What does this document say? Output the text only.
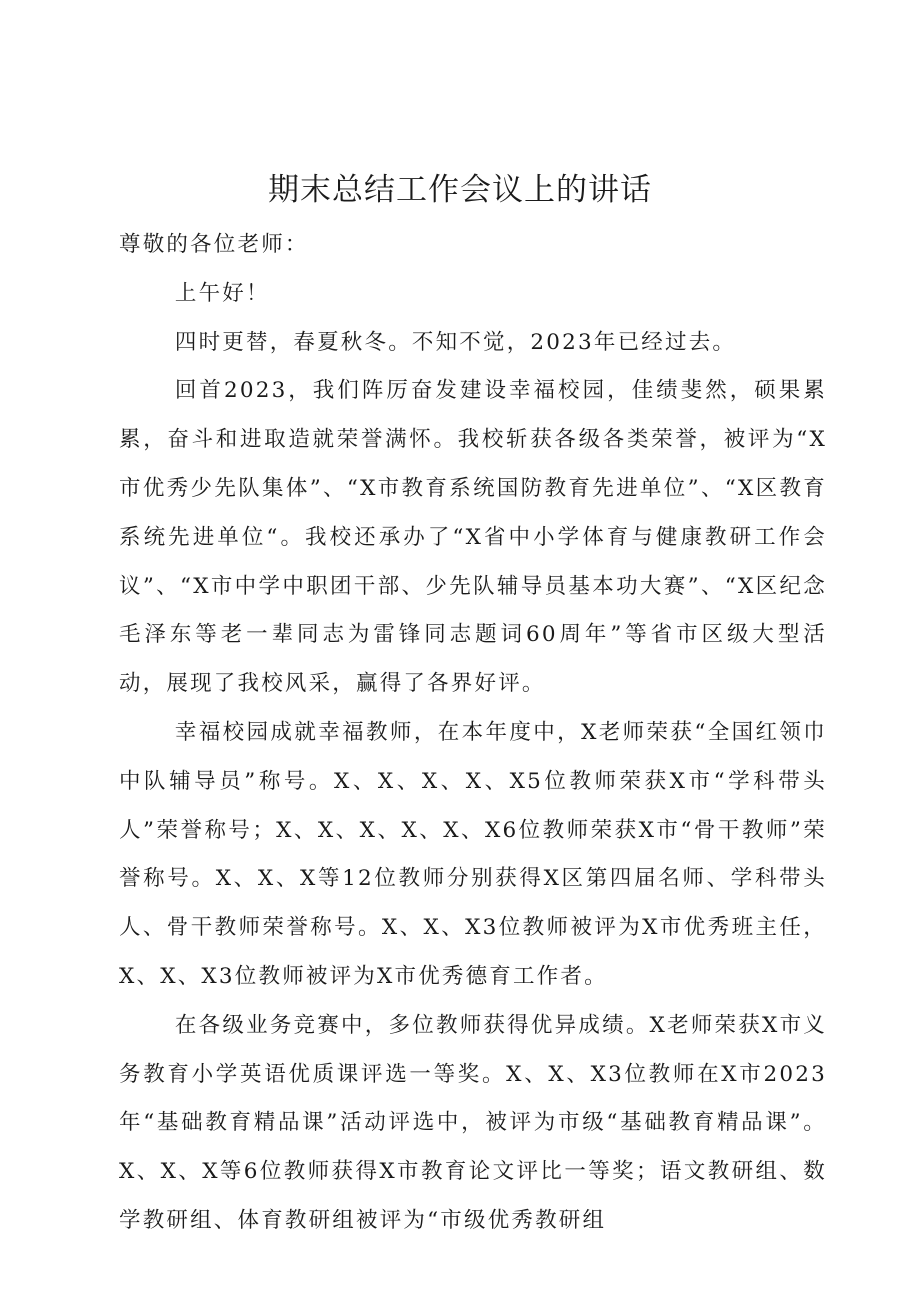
期末总结工作会议上的讲话

尊敬的各位老师：

上午好！

四时更替，春夏秋冬。不知不觉，2023年已经过去。

回首2023，我们阵厉奋发建设幸福校园，佳绩斐然，硕果累累，奋斗和进取造就荣誉满怀。我校斩获各级各类荣誉，被评为“X市优秀少先队集体”、“X市教育系统国防教育先进单位”、“X区教育系统先进单位“。我校还承办了“X省中小学体育与健康教研工作会议”、“X市中学中职团干部、少先队辅导员基本功大赛”、“X区纪念毛泽东等老一辈同志为雷锋同志题词60周年”等省市区级大型活动，展现了我校风采，赢得了各界好评。

幸福校园成就幸福教师，在本年度中，X老师荣获“全国红领巾中队辅导员”称号。X、X、X、X、X5位教师荣获X市“学科带头人”荣誉称号；X、X、X、X、X、X6位教师荣获X市“骨干教师”荣誉称号。X、X、X等12位教师分别获得X区第四届名师、学科带头人、骨干教师荣誉称号。X、X、X3位教师被评为X市优秀班主任，X、X、X3位教师被评为X市优秀德育工作者。

在各级业务竞赛中，多位教师获得优异成绩。X老师荣获X市义务教育小学英语优质课评选一等奖。X、X、X3位教师在X市2023年“基础教育精品课”活动评选中，被评为市级“基础教育精品课”。X、X、X等6位教师获得X市教育论文评比一等奖；语文教研组、数学教研组、体育教研组被评为“市级优秀教研组
